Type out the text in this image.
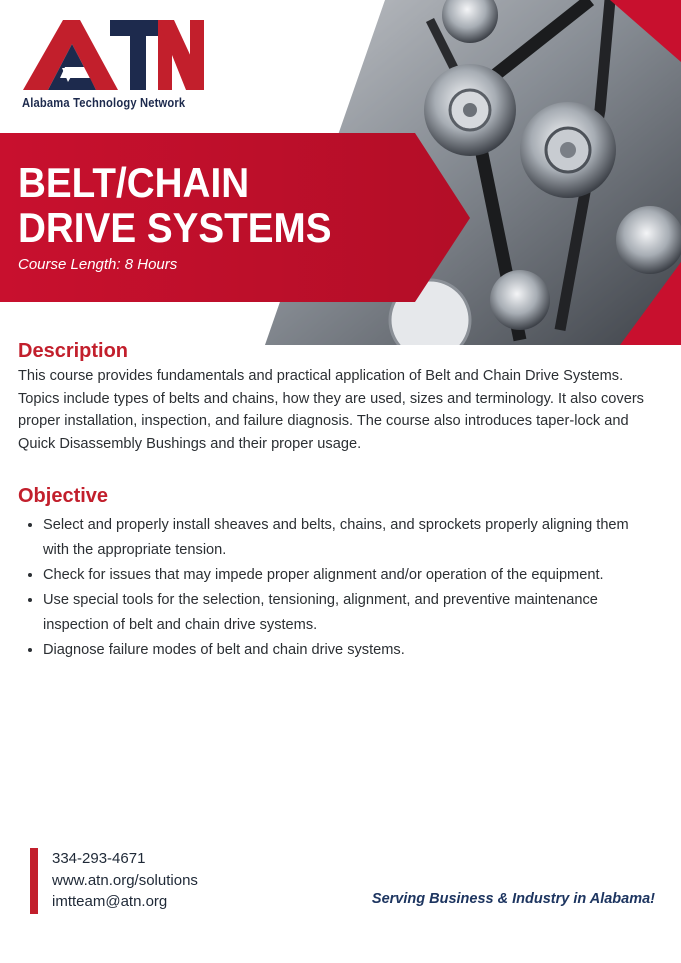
Alabama Technology Network
BELT/CHAIN
DRIVE SYSTEMS
Course Length: 8 Hours
Description

This course provides fundamentals and practical application of Belt and Chain Drive Systems. Topics include types of belts and chains, how they are used, sizes and terminology. It also covers proper installation, inspection, and failure diagnosis. The course also introduces taper-lock and Quick Disassembly Bushings and their proper usage.

Objective
• Select and properly install sheaves and belts, chains, and sprockets properly aligning them with the appropriate tension.
• Check for issues that may impede proper alignment and/or operation of the equipment.
• Use special tools for the selection, tensioning, alignment, and preventive maintenance inspection of belt and chain drive systems.
• Diagnose failure modes of belt and chain drive systems.
334-293-4671
www.atn.org/solutions
imtteam@atn.org	Serving Business & Industry in Alabama!
